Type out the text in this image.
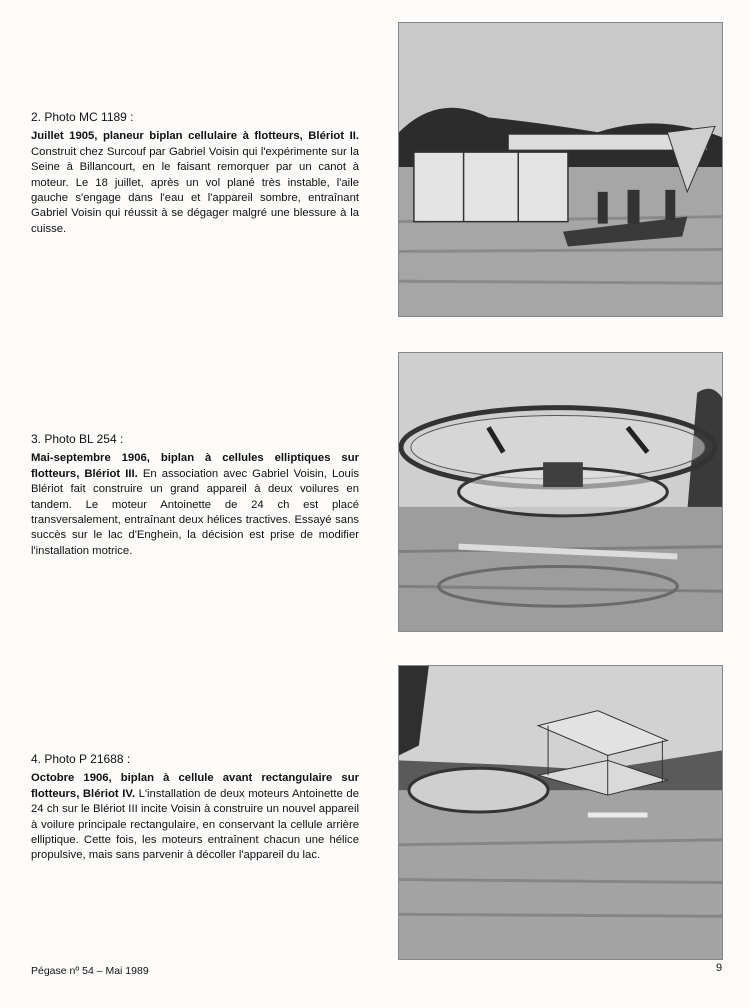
2. Photo MC 1189 :
Juillet 1905, planeur biplan cellulaire à flotteurs, Blériot II. Construit chez Surcouf par Gabriel Voisin qui l'expérimente sur la Seine à Billancourt, en le faisant remorquer par un canot à moteur. Le 18 juillet, après un vol plané très instable, l'aile gauche s'engage dans l'eau et l'appareil sombre, entraînant Gabriel Voisin qui réussit à se dégager malgré une blessure à la cuisse.
3. Photo BL 254 :
Mai-septembre 1906, biplan à cellules elliptiques sur flotteurs, Blériot III. En association avec Gabriel Voisin, Louis Blériot fait construire un grand appareil à deux voilures en tandem. Le moteur Antoinette de 24 ch est placé transversalement, entraînant deux hélices tractives. Essayé sans succès sur le lac d'Enghein, la décision est prise de modifier l'installation motrice.
4. Photo P 21688 :
Octobre 1906, biplan à cellule avant rectangulaire sur flotteurs, Blériot IV. L'installation de deux moteurs Antoinette de 24 ch sur le Blériot III incite Voisin à construire un nouvel appareil à voilure principale rectangulaire, en conservant la cellule arrière elliptique. Cette fois, les moteurs entraînent chacun une hélice propulsive, mais sans parvenir à décoller l'appareil du lac.
Pégase nº 54 – Mai 1989	9
